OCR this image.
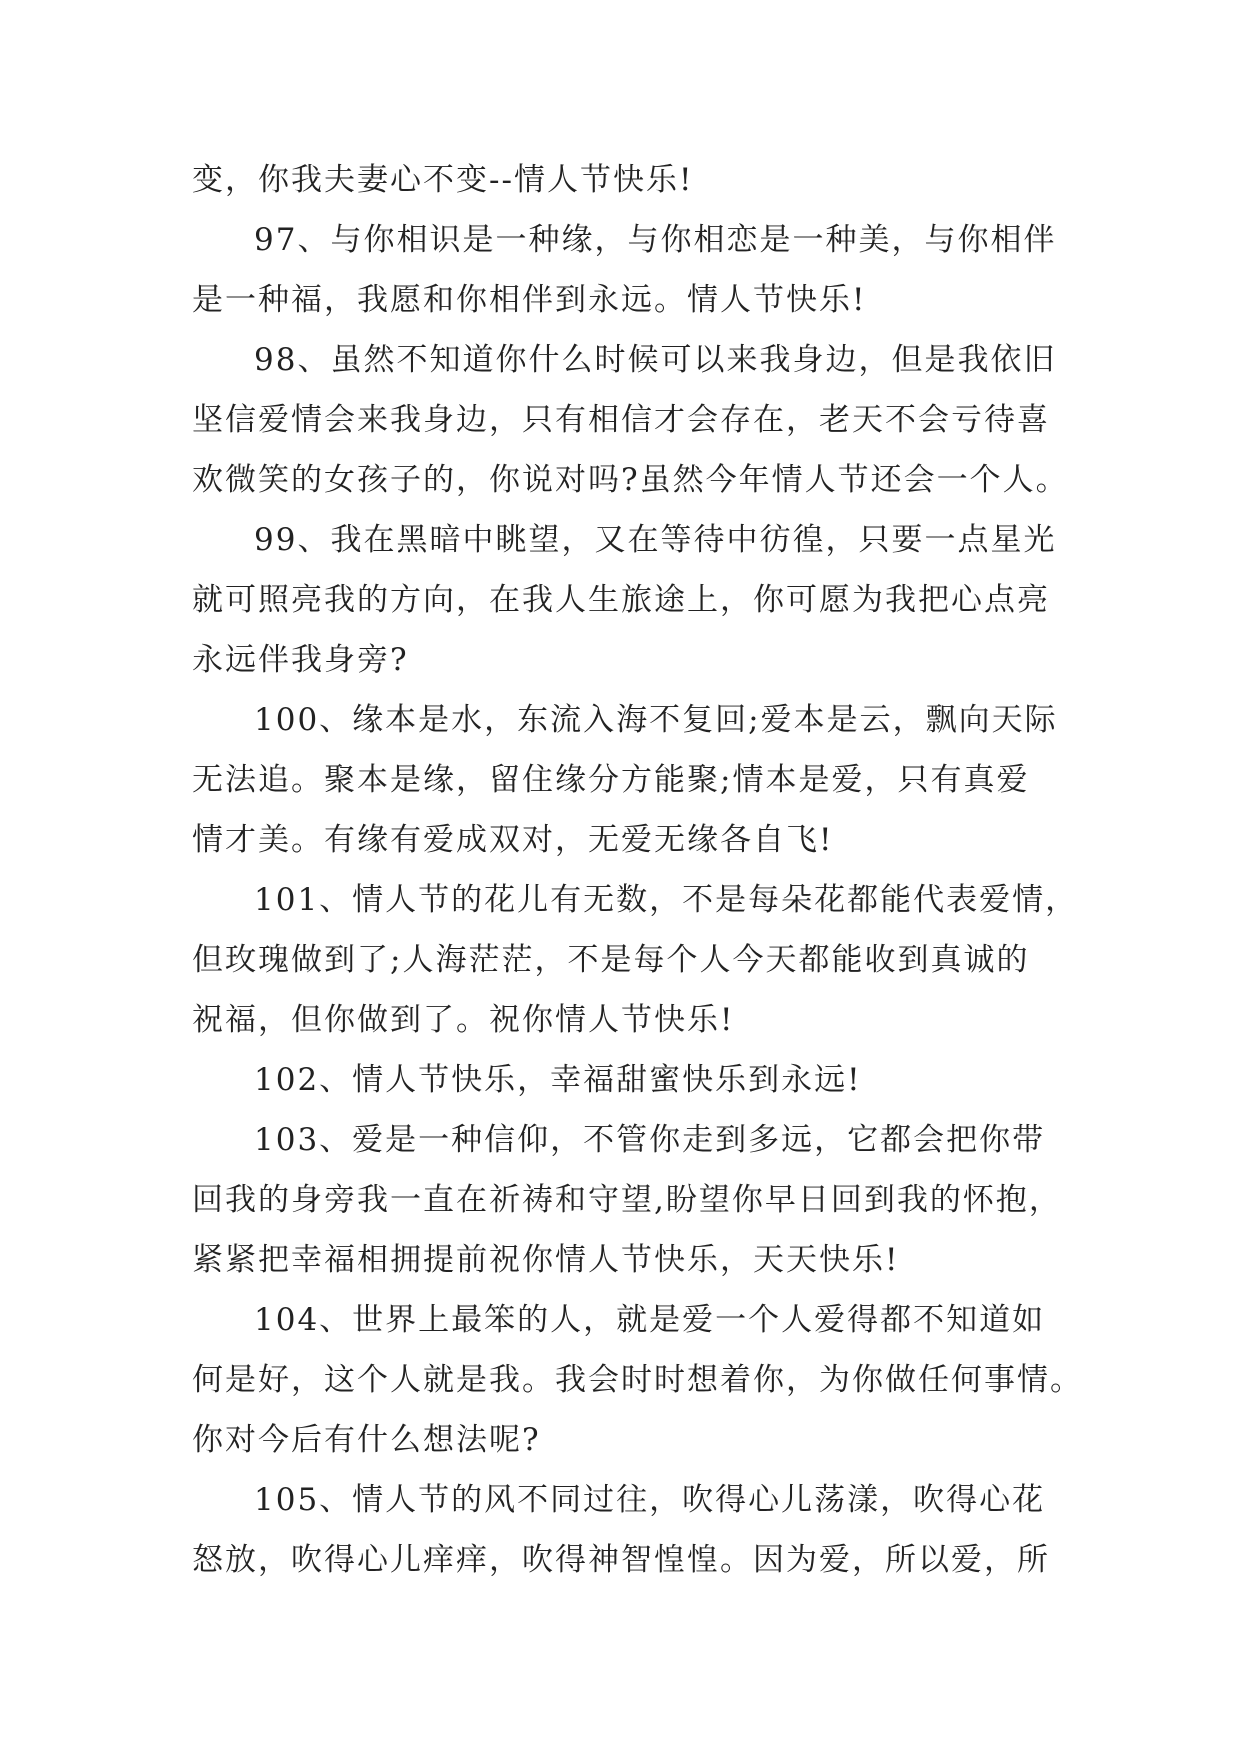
变，你我夫妻心不变--情人节快乐!
97、与你相识是一种缘，与你相恋是一种美，与你相伴
是一种福，我愿和你相伴到永远。情人节快乐!
98、虽然不知道你什么时候可以来我身边，但是我依旧
坚信爱情会来我身边，只有相信才会存在，老天不会亏待喜
欢微笑的女孩子的，你说对吗?虽然今年情人节还会一个人。
99、我在黑暗中眺望，又在等待中彷徨，只要一点星光
就可照亮我的方向，在我人生旅途上，你可愿为我把心点亮
永远伴我身旁?
100、缘本是水，东流入海不复回;爱本是云，飘向天际
无法追。聚本是缘，留住缘分方能聚;情本是爱，只有真爱
情才美。有缘有爱成双对，无爱无缘各自飞!
101、情人节的花儿有无数，不是每朵花都能代表爱情，
但玫瑰做到了;人海茫茫，不是每个人今天都能收到真诚的
祝福，但你做到了。祝你情人节快乐!
102、情人节快乐，幸福甜蜜快乐到永远!
103、爱是一种信仰，不管你走到多远，它都会把你带
回我的身旁我一直在祈祷和守望,盼望你早日回到我的怀抱，
紧紧把幸福相拥提前祝你情人节快乐，天天快乐!
104、世界上最笨的人，就是爱一个人爱得都不知道如
何是好，这个人就是我。我会时时想着你，为你做任何事情。
你对今后有什么想法呢?
105、情人节的风不同过往，吹得心儿荡漾，吹得心花
怒放，吹得心儿痒痒，吹得神智惶惶。因为爱，所以爱，所
